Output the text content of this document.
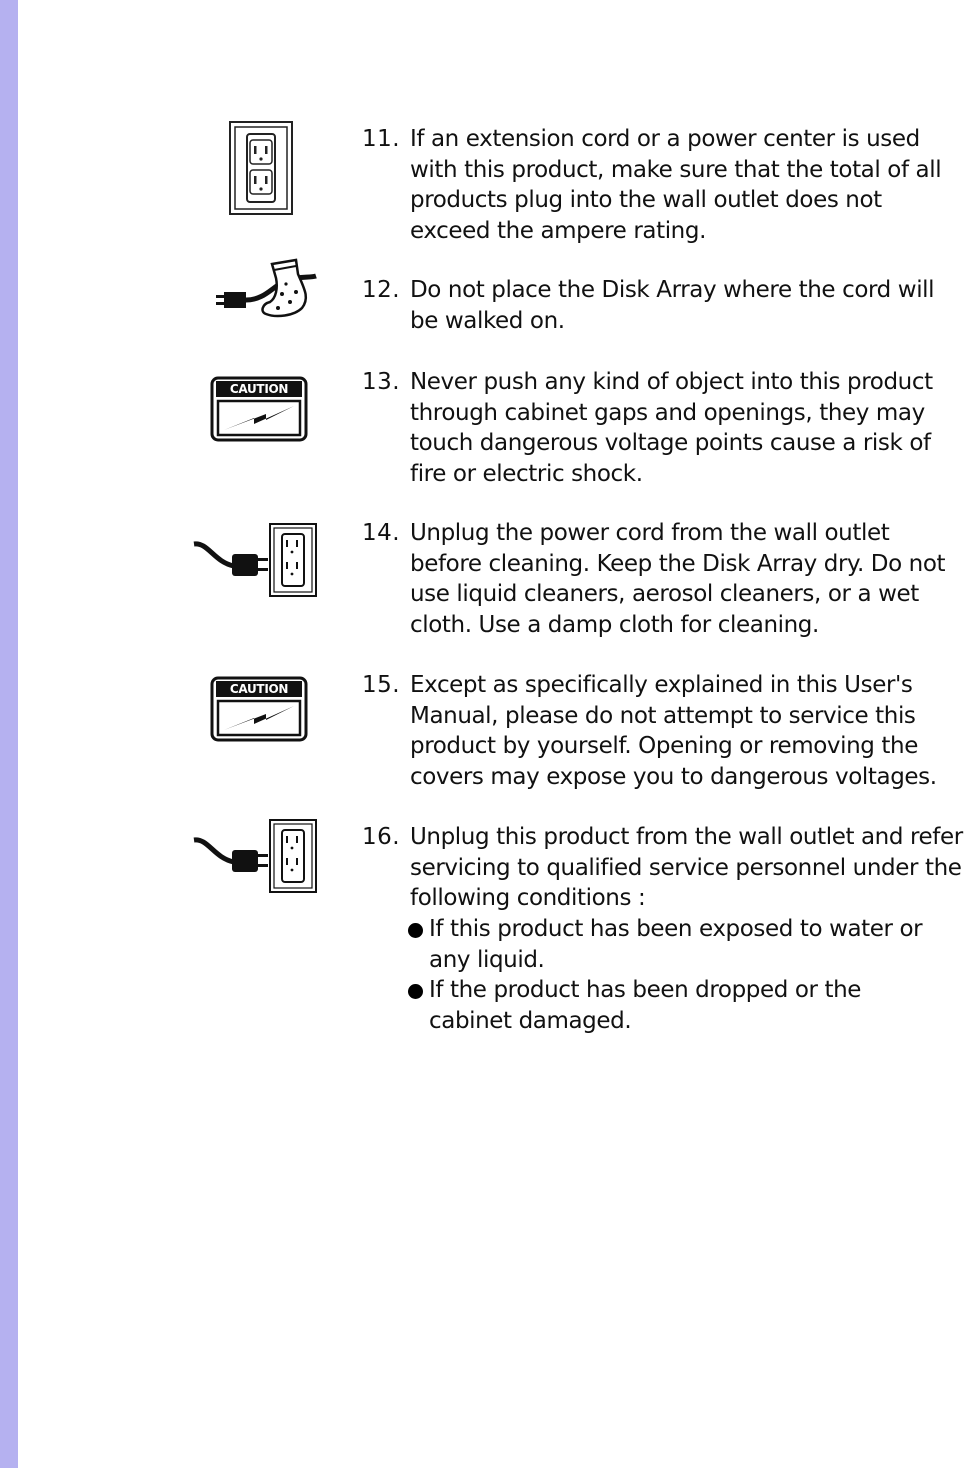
CAUTION
CAUTION
11. If an extension cord or a power center is used
with this product, make sure that the total of all
products plug into the wall outlet does not
exceed the ampere rating.
12. Do not place the Disk Array where the cord will
be walked on.
13. Never push any kind of object into this product
through cabinet gaps and openings, they may
touch dangerous voltage points cause a risk of
fire or electric shock.
14. Unplug the power cord from the wall outlet
before cleaning. Keep the Disk Array dry. Do not
use liquid cleaners, aerosol cleaners, or a wet
cloth. Use a damp cloth for cleaning.
15. Except as specifically explained in this User's
Manual, please do not attempt to service this
product by yourself. Opening or removing the
covers may expose you to dangerous voltages.
16. Unplug this product from the wall outlet and refer
servicing to qualified service personnel under the
following conditions :
If this product has been exposed to water or
any liquid.
If the product has been dropped or the
cabinet damaged.
